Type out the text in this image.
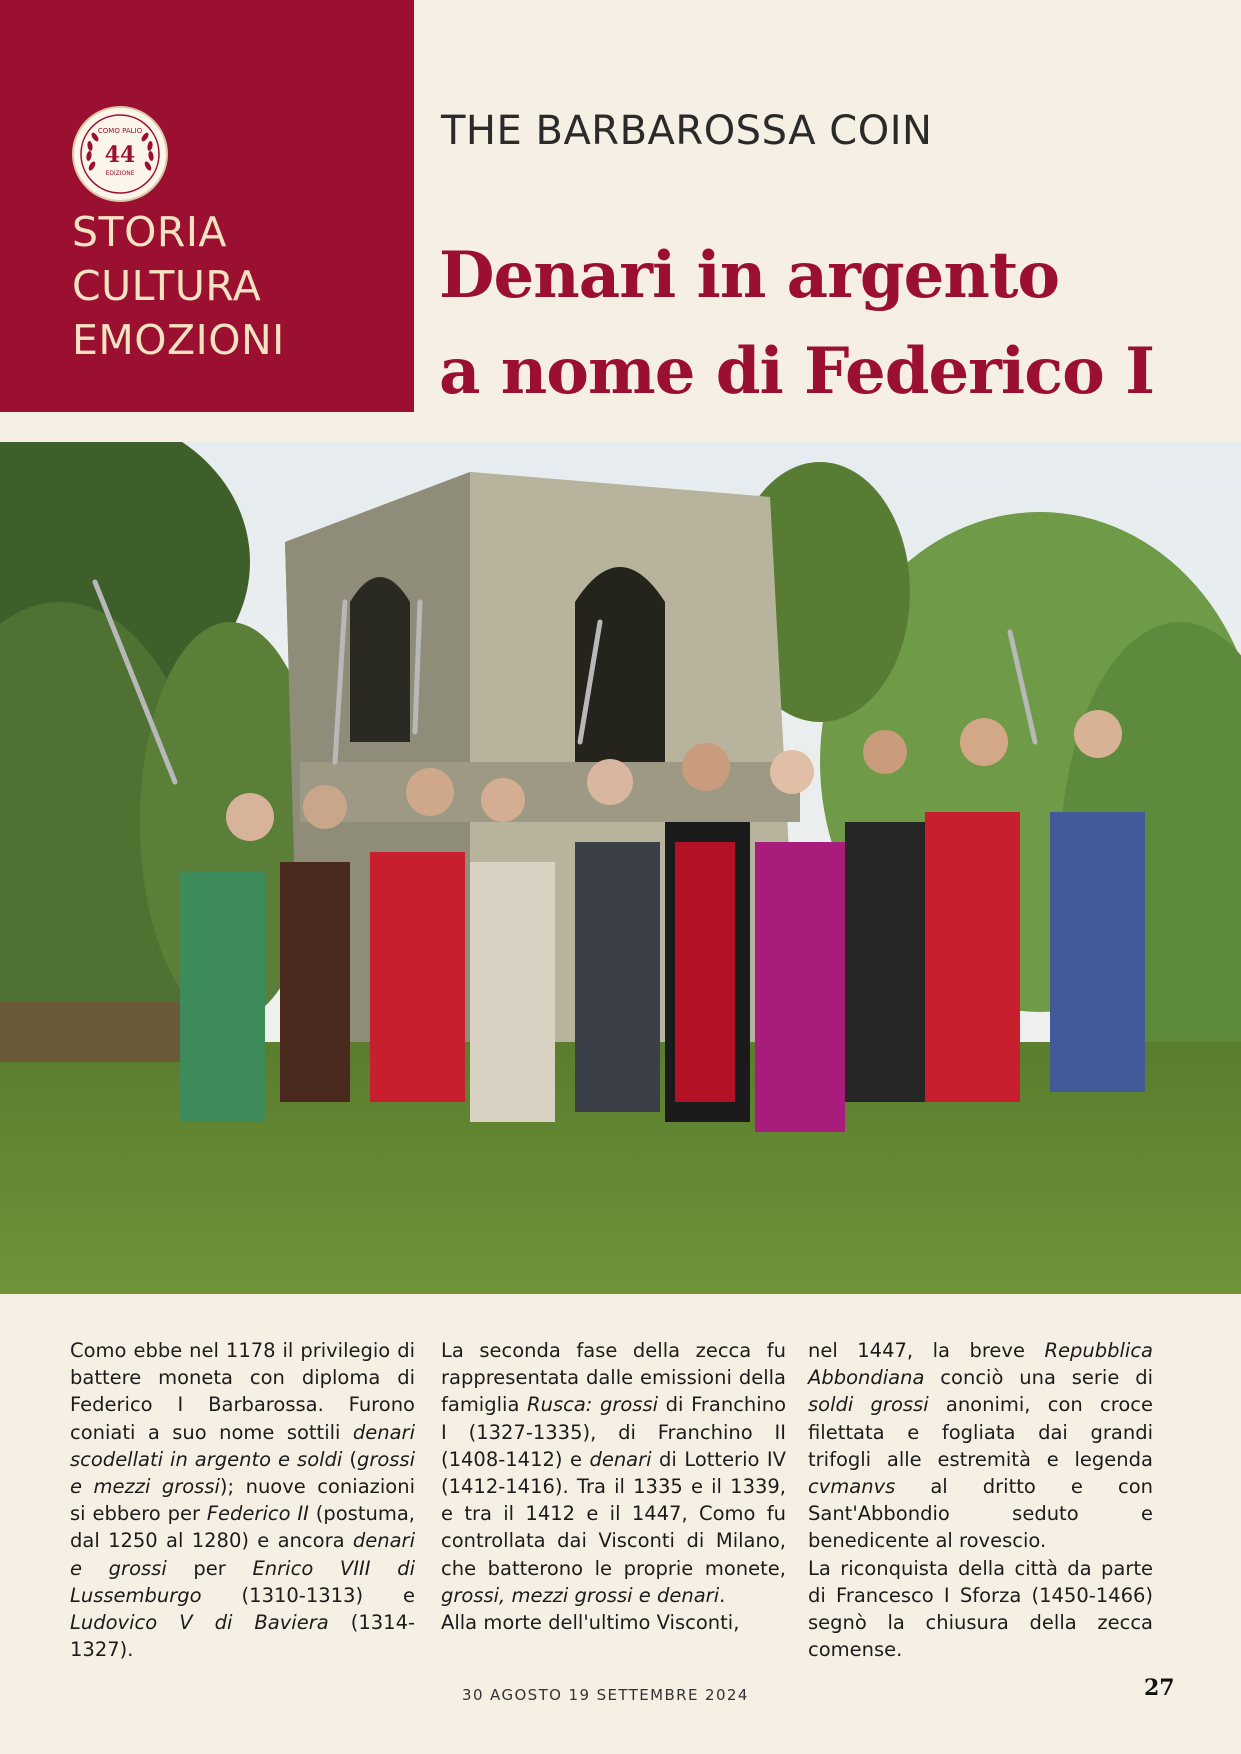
COMO PALIO
44
EDIZIONE
STORIA
CULTURA
EMOZIONI
THE BARBAROSSA COIN
Denari in argento
a nome di Federico I

Como ebbe nel 1178 il privilegio di battere moneta con diploma di Federico I Barbarossa. Furono coniati a suo nome sottili denari scodellati in argento e soldi (grossi e mezzi grossi); nuove coniazioni si ebbero per Federico II (postuma, dal 1250 al 1280) e ancora denari e grossi per Enrico VIII di Lussemburgo (1310-1313) e Ludovico V di Baviera (1314-1327).

La seconda fase della zecca fu rappresentata dalle emissioni della famiglia Rusca: grossi di Franchino I (1327-1335), di Franchino II (1408-1412) e denari di Lotterio IV (1412-1416). Tra il 1335 e il 1339, e tra il 1412 e il 1447, Como fu controllata dai Visconti di Milano, che batterono le proprie monete, grossi, mezzi grossi e denari.

Alla morte dell'ultimo Visconti,

nel 1447, la breve Repubblica Abbondiana conciò una serie di soldi grossi anonimi, con croce filettata e fogliata dai grandi trifogli alle estremità e legenda cvmanvs al dritto e con Sant'Abbondio seduto e benedicente al rovescio.

La riconquista della città da parte di Francesco I Sforza (1450-1466) segnò la chiusura della zecca comense.

30 AGOSTO 19 SETTEMBRE 2024	27
